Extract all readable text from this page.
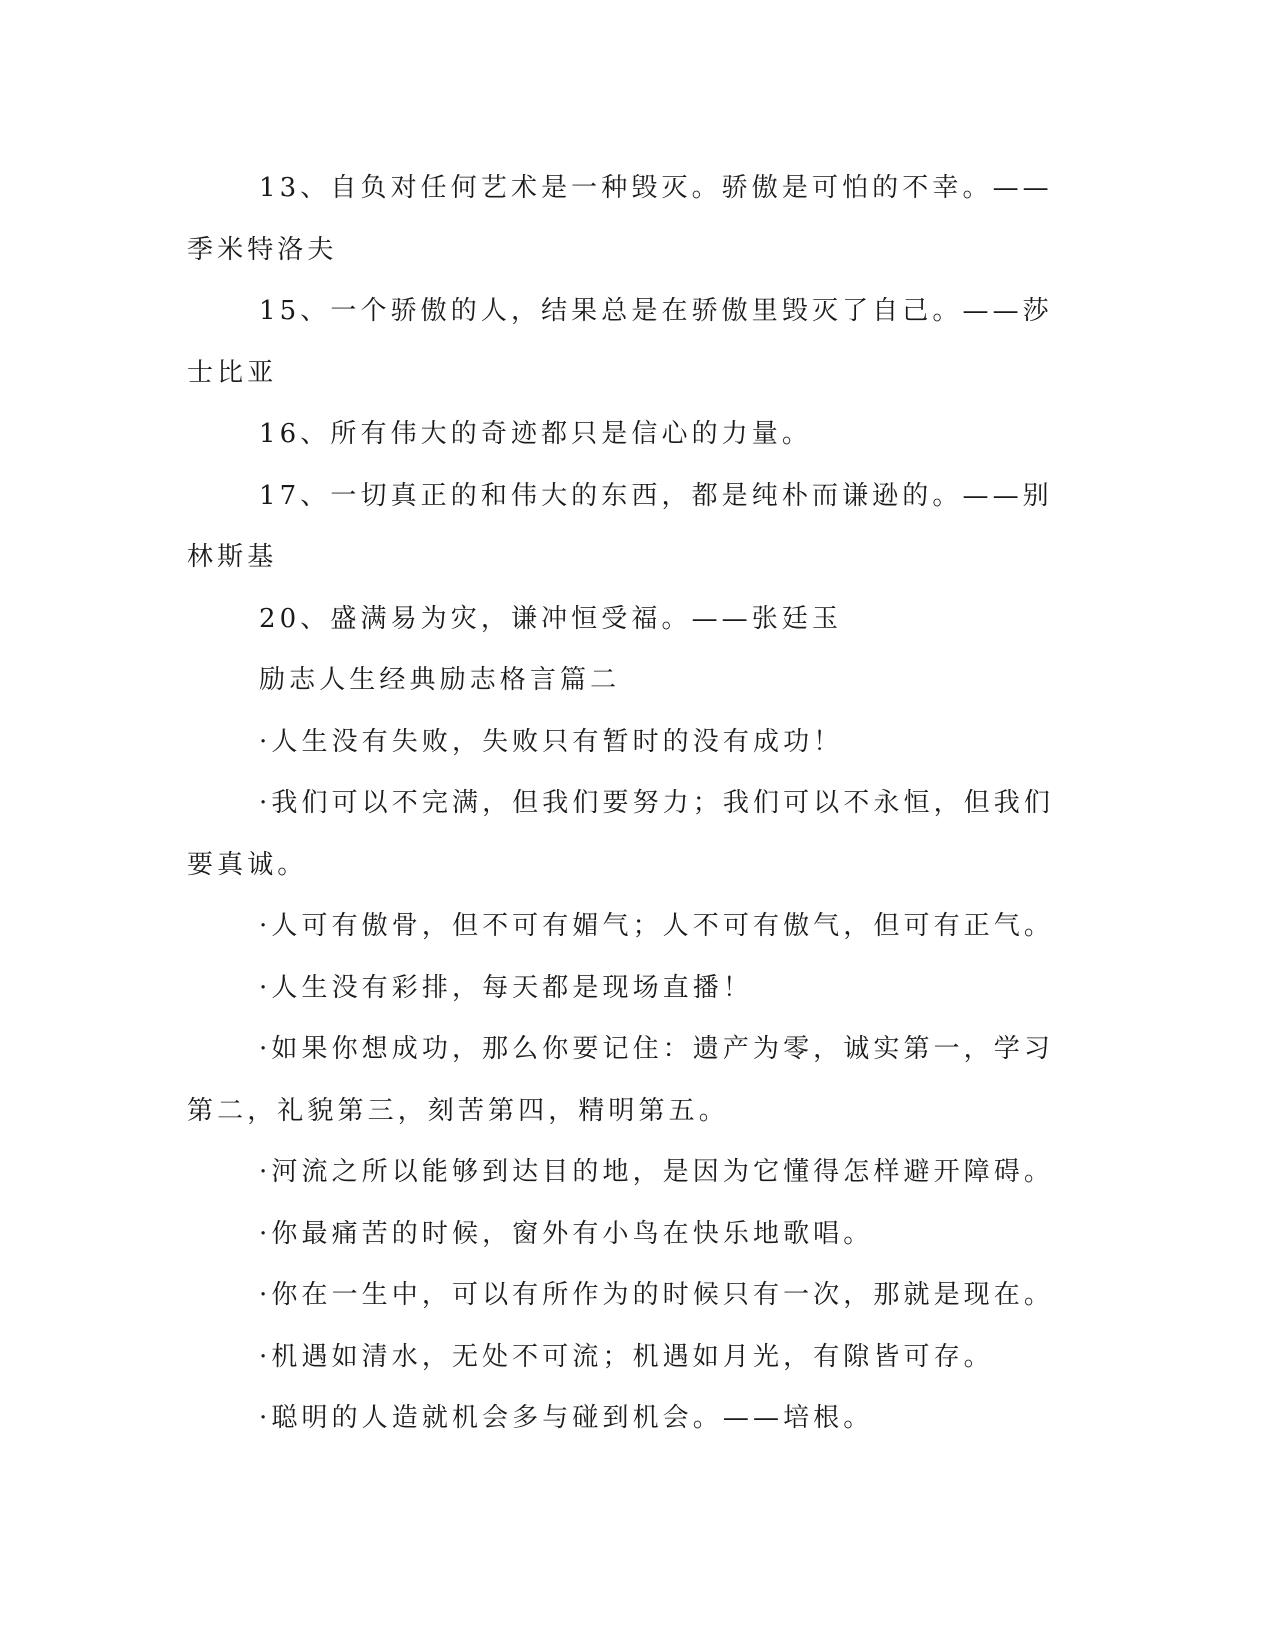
13、自负对任何艺术是一种毁灭。骄傲是可怕的不幸。——季米特洛夫

15、一个骄傲的人，结果总是在骄傲里毁灭了自己。——莎士比亚

16、所有伟大的奇迹都只是信心的力量。

17、一切真正的和伟大的东西，都是纯朴而谦逊的。——别林斯基

20、盛满易为灾，谦冲恒受福。——张廷玉

励志人生经典励志格言篇二

·人生没有失败，失败只有暂时的没有成功！

·我们可以不完满，但我们要努力；我们可以不永恒，但我们要真诚。

·人可有傲骨，但不可有媚气；人不可有傲气，但可有正气。

·人生没有彩排，每天都是现场直播！

·如果你想成功，那么你要记住：遗产为零，诚实第一，学习第二，礼貌第三，刻苦第四，精明第五。

·河流之所以能够到达目的地，是因为它懂得怎样避开障碍。

·你最痛苦的时候，窗外有小鸟在快乐地歌唱。

·你在一生中，可以有所作为的时候只有一次，那就是现在。

·机遇如清水，无处不可流；机遇如月光，有隙皆可存。

·聪明的人造就机会多与碰到机会。——培根。
